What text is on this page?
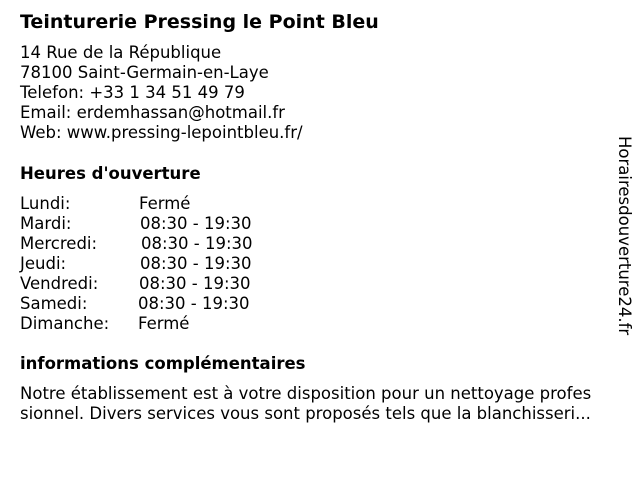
Teinturerie Pressing le Point Bleu
14 Rue de la République
78100 Saint-Germain-en-Laye
Telefon: +33 1 34 51 49 79
Email: erdemhassan@hotmail.fr
Web: www.pressing-lepointbleu.fr/
Heures d'ouverture
Lundi:	Fermé
Mardi:	08:30 - 19:30
Mercredi:	08:30 - 19:30
Jeudi:	08:30 - 19:30
Vendredi: 08:30 - 19:30
Samedi:	08:30 - 19:30
Dimanche: Fermé
informations complémentaires
Notre établissement est à votre disposition pour un nettoyage profes
sionnel. Divers services vous sont proposés tels que la blanchisseri...
Horairesdouverture24.fr
